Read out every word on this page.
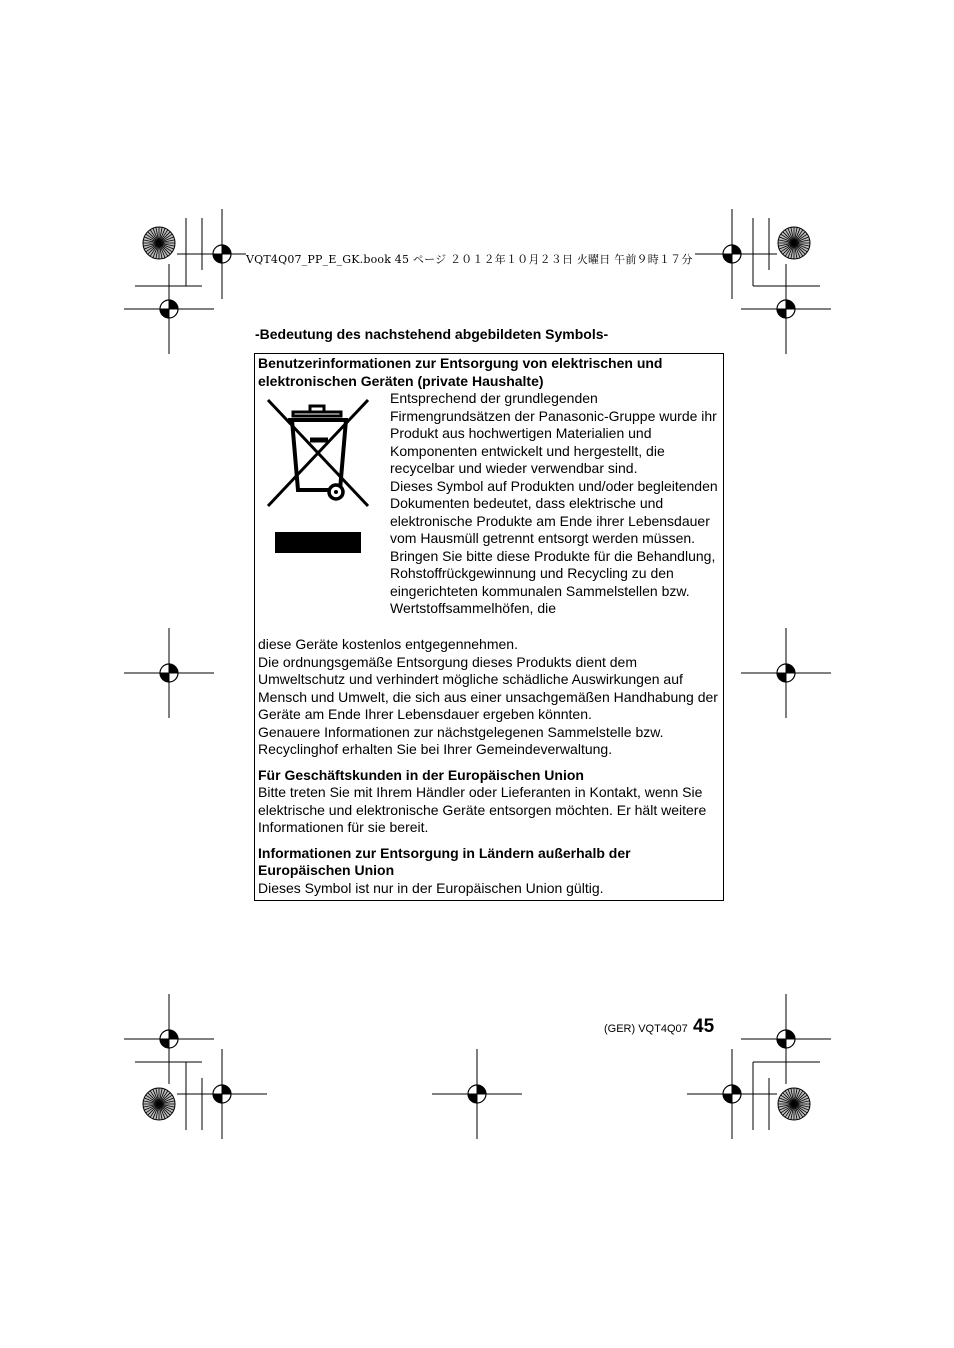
VQT4Q07_PP_E_GK.book 45 ページ ２０１２年１０月２３日 火曜日 午前９時１７分
-Bedeutung des nachstehend abgebildeten Symbols-
Benutzerinformationen zur Entsorgung von elektrischen und elektronischen Geräten (private Haushalte)
Entsprechend der grundlegenden Firmengrundsätzen der Panasonic-Gruppe wurde ihr Produkt aus hochwertigen Materialien und Komponenten entwickelt und hergestellt, die recycelbar und wieder verwendbar sind.
Dieses Symbol auf Produkten und/oder begleitenden Dokumenten bedeutet, dass elektrische und elektronische Produkte am Ende ihrer Lebensdauer vom Hausmüll getrennt entsorgt werden müssen.
Bringen Sie bitte diese Produkte für die Behandlung, Rohstoffrückgewinnung und Recycling zu den eingerichteten kommunalen Sammelstellen bzw. Wertstoffsammelhöfen, die

diese Geräte kostenlos entgegennehmen.

Die ordnungsgemäße Entsorgung dieses Produkts dient dem Umweltschutz und verhindert mögliche schädliche Auswirkungen auf Mensch und Umwelt, die sich aus einer unsachgemäßen Handhabung der Geräte am Ende Ihrer Lebensdauer ergeben könnten.

Genauere Informationen zur nächstgelegenen Sammelstelle bzw. Recyclinghof erhalten Sie bei Ihrer Gemeindeverwaltung.

Für Geschäftskunden in der Europäischen Union

Bitte treten Sie mit Ihrem Händler oder Lieferanten in Kontakt, wenn Sie elektrische und elektronische Geräte entsorgen möchten. Er hält weitere Informationen für sie bereit.

Informationen zur Entsorgung in Ländern außerhalb der Europäischen Union

Dieses Symbol ist nur in der Europäischen Union gültig.

(GER) VQT4Q07 45
